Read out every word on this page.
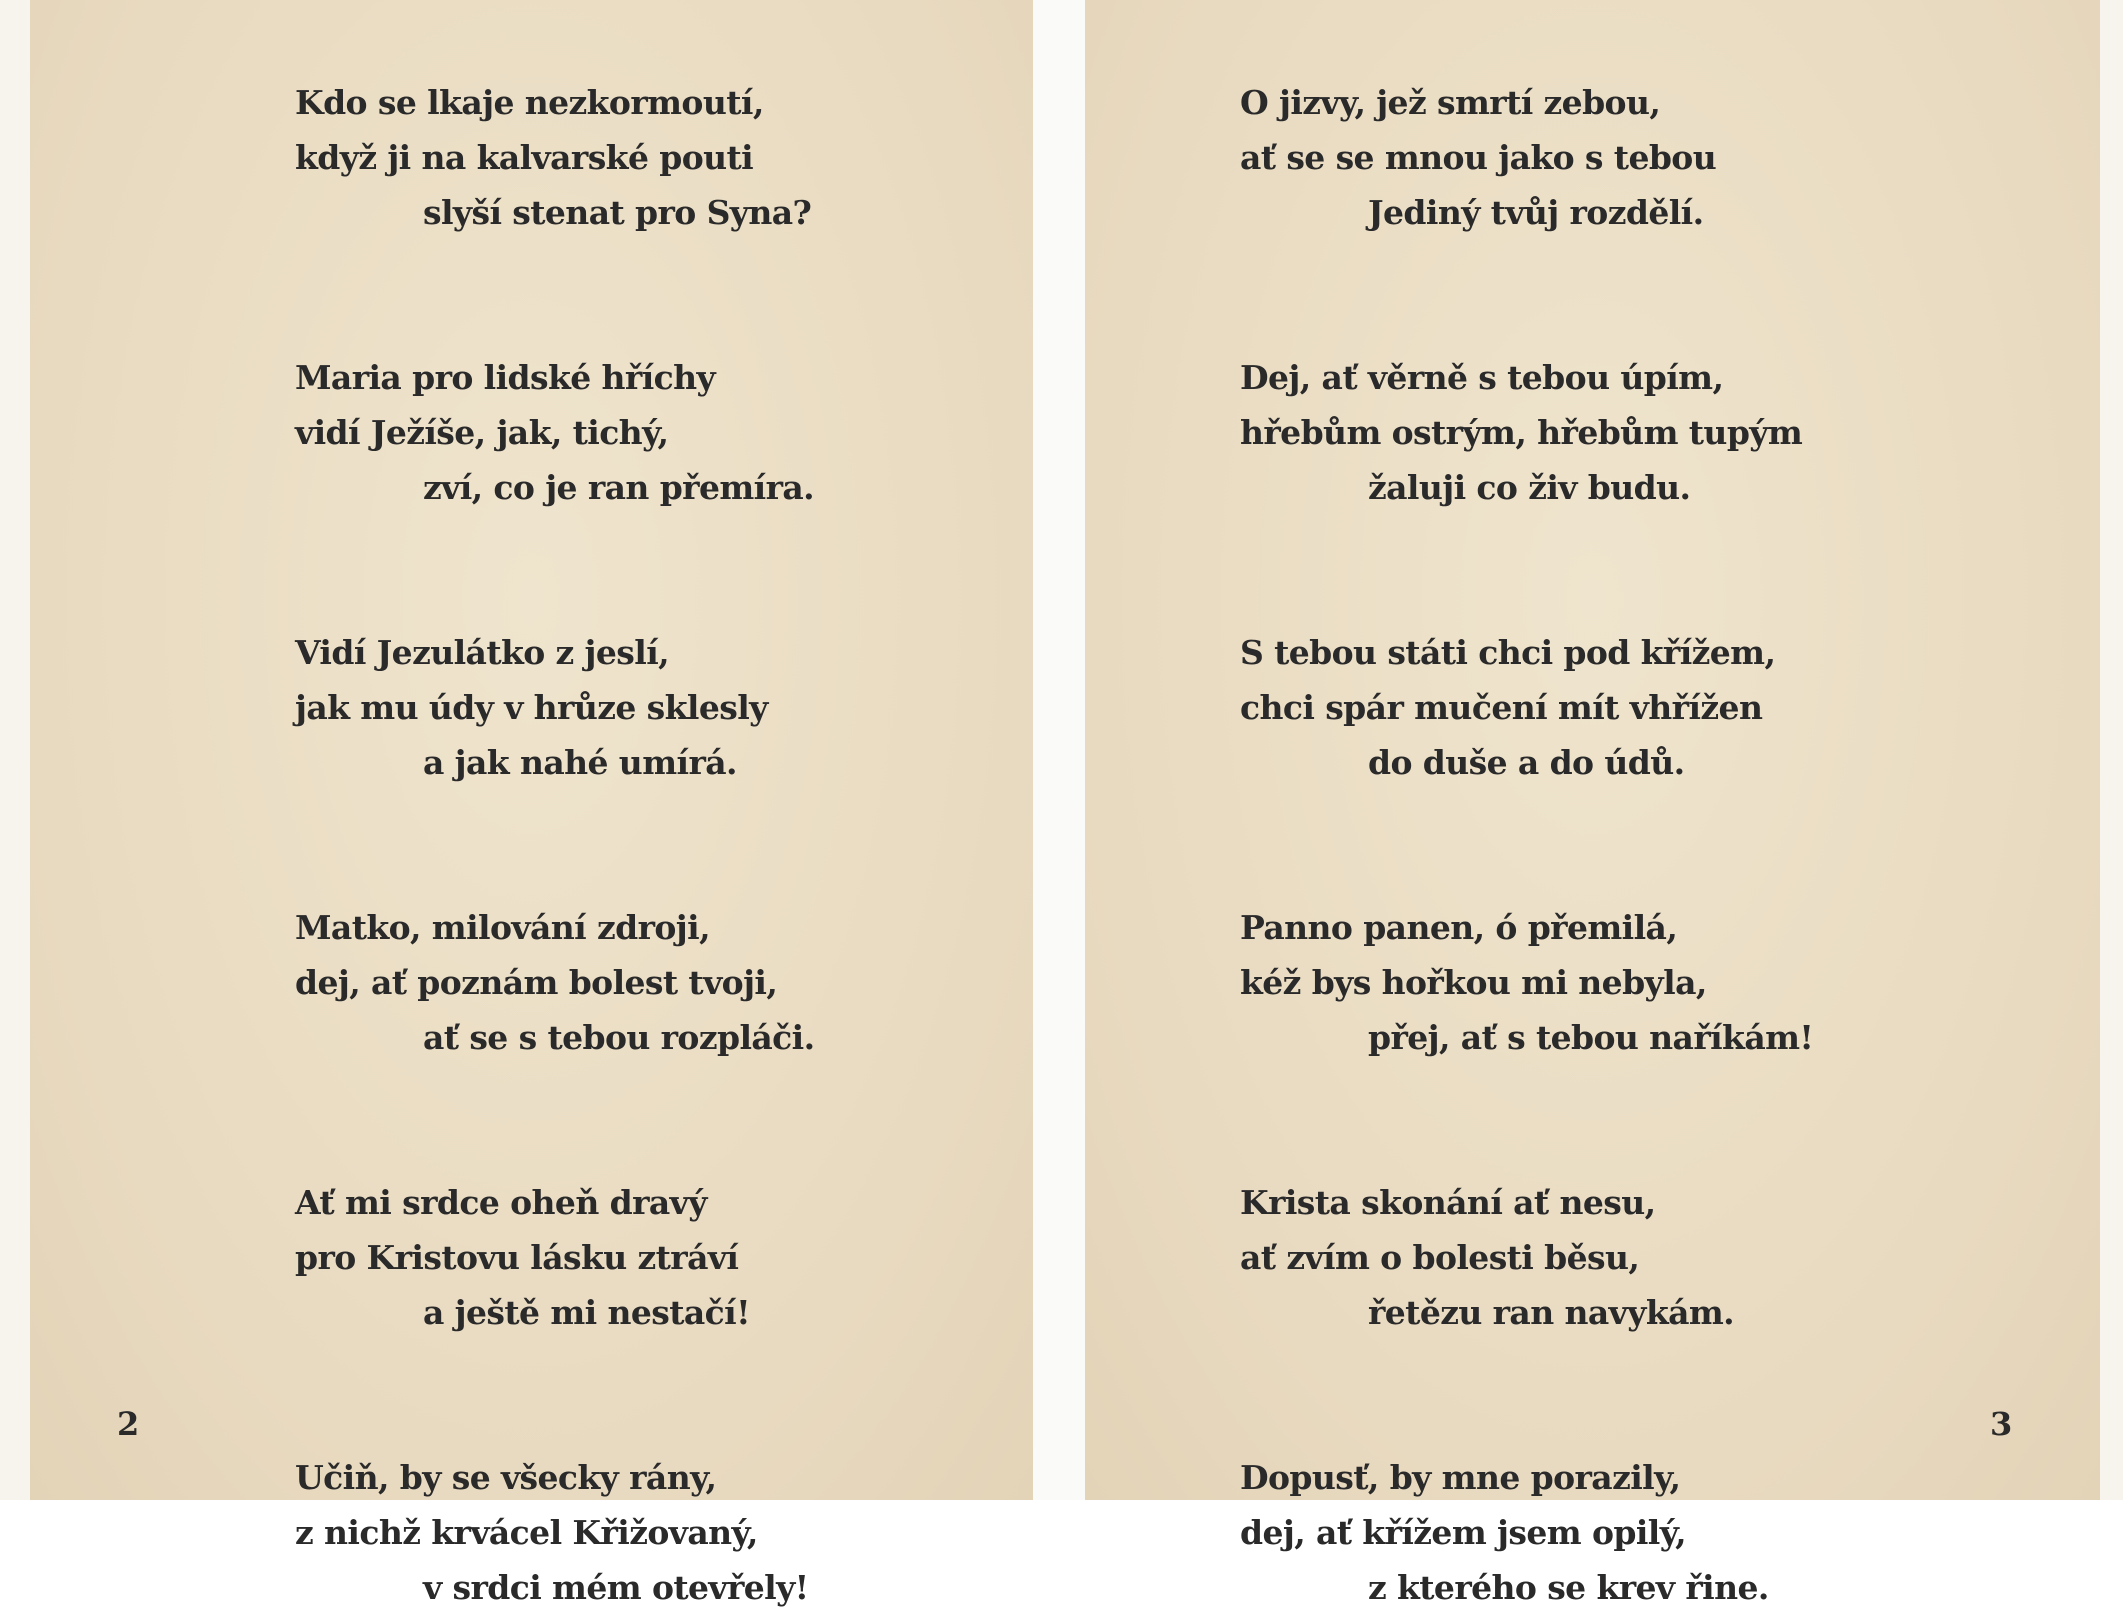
Kdo se lkaje nezkormoutí,
když ji na kalvarské pouti
slyší stenat pro Syna?
Maria pro lidské hříchy
vidí Ježíše, jak, tichý,
zví, co je ran přemíra.
Vidí Jezulátko z jeslí,
jak mu údy v hrůze sklesly
a jak nahé umírá.
Matko, milování zdroji,
dej, ať poznám bolest tvoji,
ať se s tebou rozpláči.
Ať mi srdce oheň dravý
pro Kristovu lásku ztráví
a ještě mi nestačí!
Učiň, by se všecky rány,
z nichž krvácel Křižovaný,
v srdci mém otevřely!
2
O jizvy, jež smrtí zebou,
ať se se mnou jako s tebou
Jediný tvůj rozdělí.
Dej, ať věrně s tebou úpím,
hřebům ostrým, hřebům tupým
žaluji co živ budu.
S tebou státi chci pod křížem,
chci spár mučení mít vhřížen
do duše a do údů.
Panno panen, ó přemilá,
kéž bys hořkou mi nebyla,
přej, ať s tebou naříkám!
Krista skonání ať nesu,
ať zvím o bolesti běsu,
řetězu ran navykám.
Dopusť, by mne porazily,
dej, ať křížem jsem opilý,
z kterého se krev řine.
3
